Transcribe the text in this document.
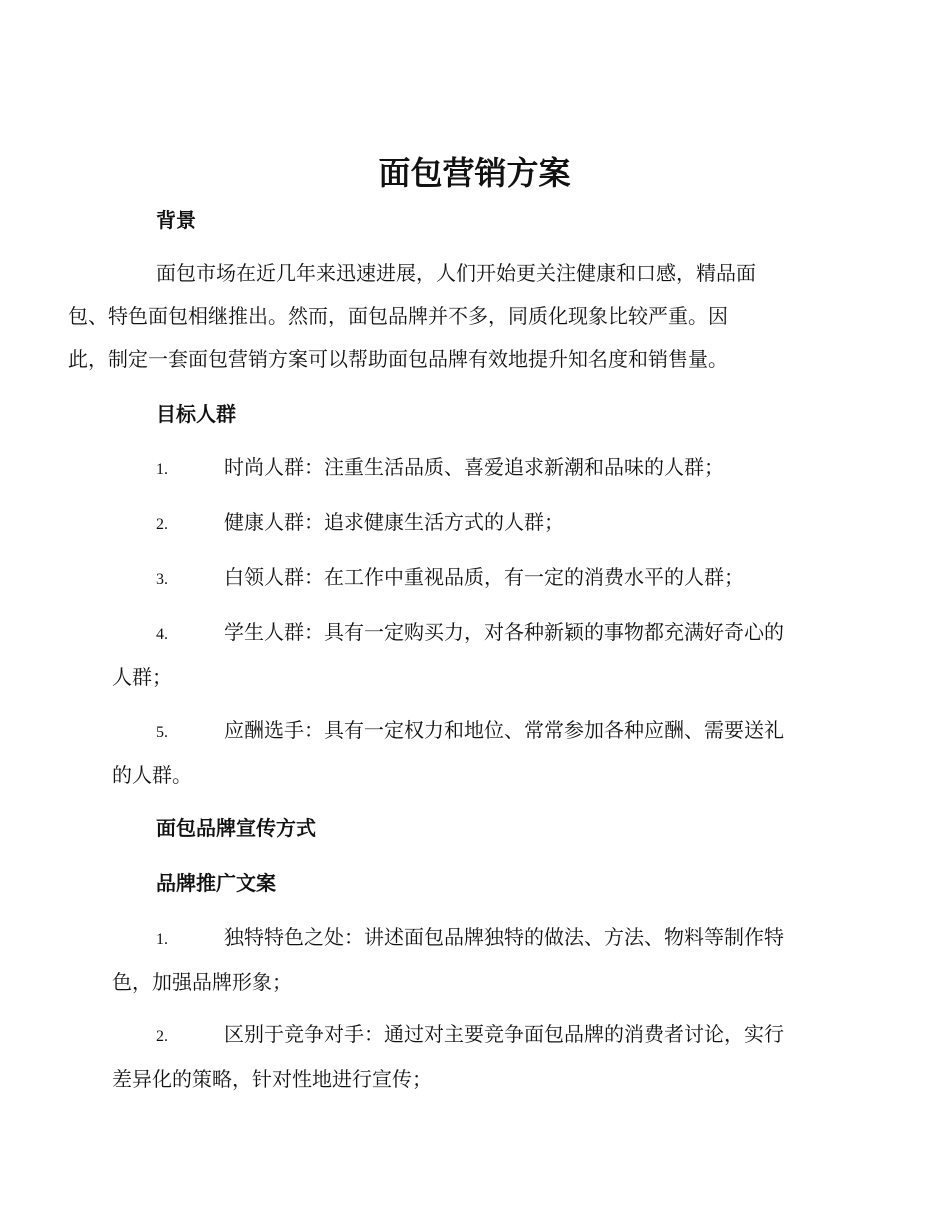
面包营销方案
背景
面包市场在近几年来迅速进展，人们开始更关注健康和口感，精品面
包、特色面包相继推出。然而，面包品牌并不多，同质化现象比较严重。因
此，制定一套面包营销方案可以帮助面包品牌有效地提升知名度和销售量。
目标人群
1.	时尚人群：注重生活品质、喜爱追求新潮和品味的人群；
2.	健康人群：追求健康生活方式的人群；
3.	白领人群：在工作中重视品质，有一定的消费水平的人群；
4.	学生人群：具有一定购买力，对各种新颖的事物都充满好奇心的
人群；
5.	应酬选手：具有一定权力和地位、常常参加各种应酬、需要送礼
的人群。
面包品牌宣传方式
品牌推广文案
1.	独特特色之处：讲述面包品牌独特的做法、方法、物料等制作特
色，加强品牌形象；
2.	区别于竞争对手：通过对主要竞争面包品牌的消费者讨论，实行
差异化的策略，针对性地进行宣传；
